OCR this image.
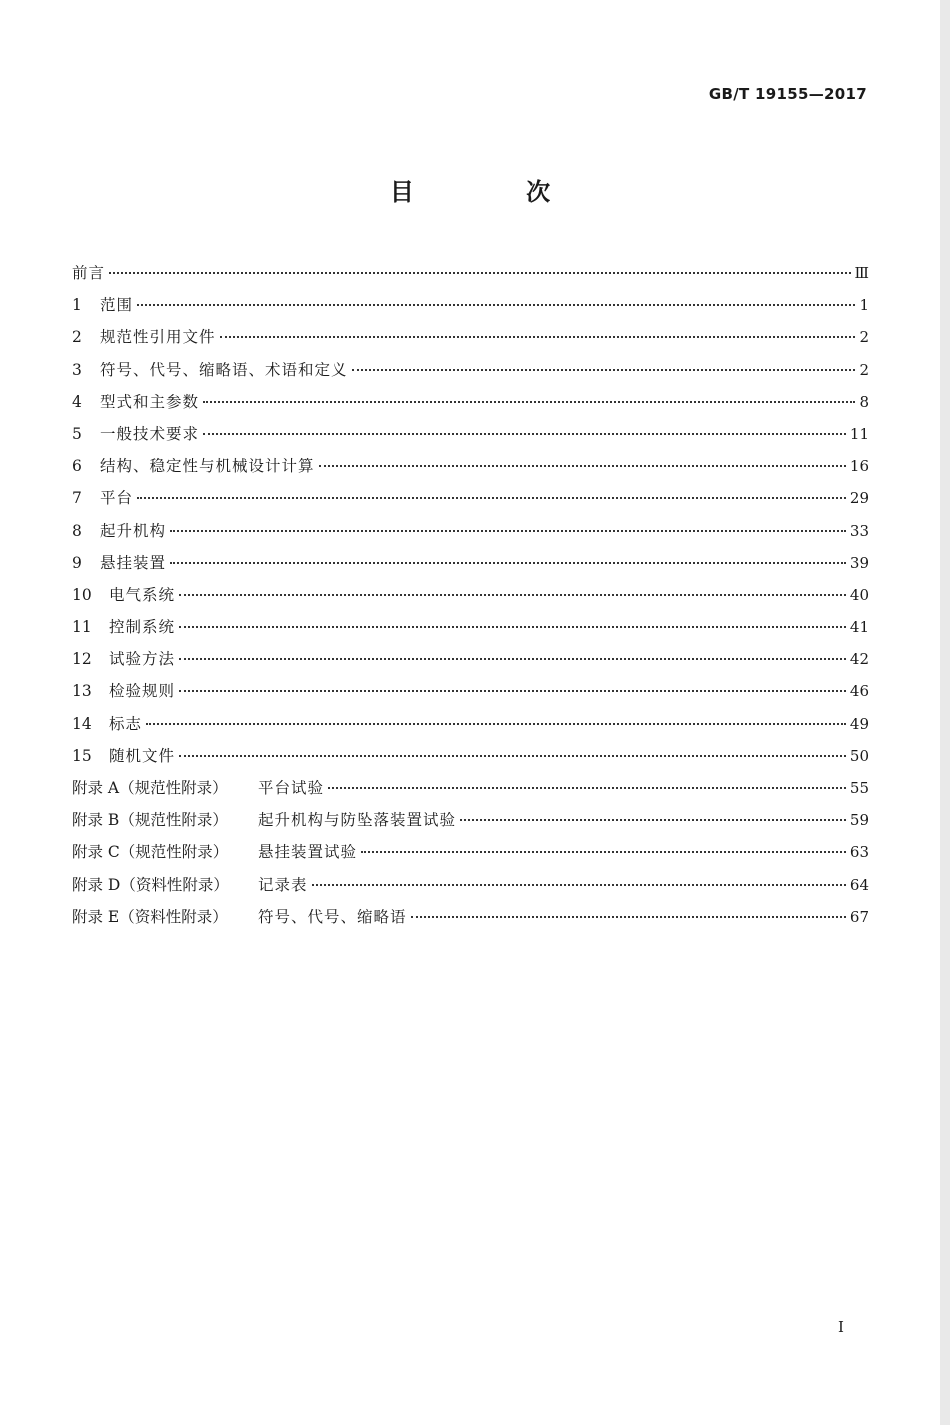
GB/T 19155—2017
目 次
前言	Ⅲ
1	范围	1
2	规范性引用文件	2
3	符号、代号、缩略语、术语和定义	2
4	型式和主参数	8
5	一般技术要求	11
6	结构、稳定性与机械设计计算	16
7	平台	29
8	起升机构	33
9	悬挂装置	39
10	电气系统	40
11	控制系统	41
12	试验方法	42
13	检验规则	46
14	标志	49
15	随机文件	50
附录 A（规范性附录）	平台试验	55
附录 B（规范性附录）	起升机构与防坠落装置试验	59
附录 C（规范性附录）	悬挂装置试验	63
附录 D（资料性附录）	记录表	64
附录 E（资料性附录）	符号、代号、缩略语	67
I
